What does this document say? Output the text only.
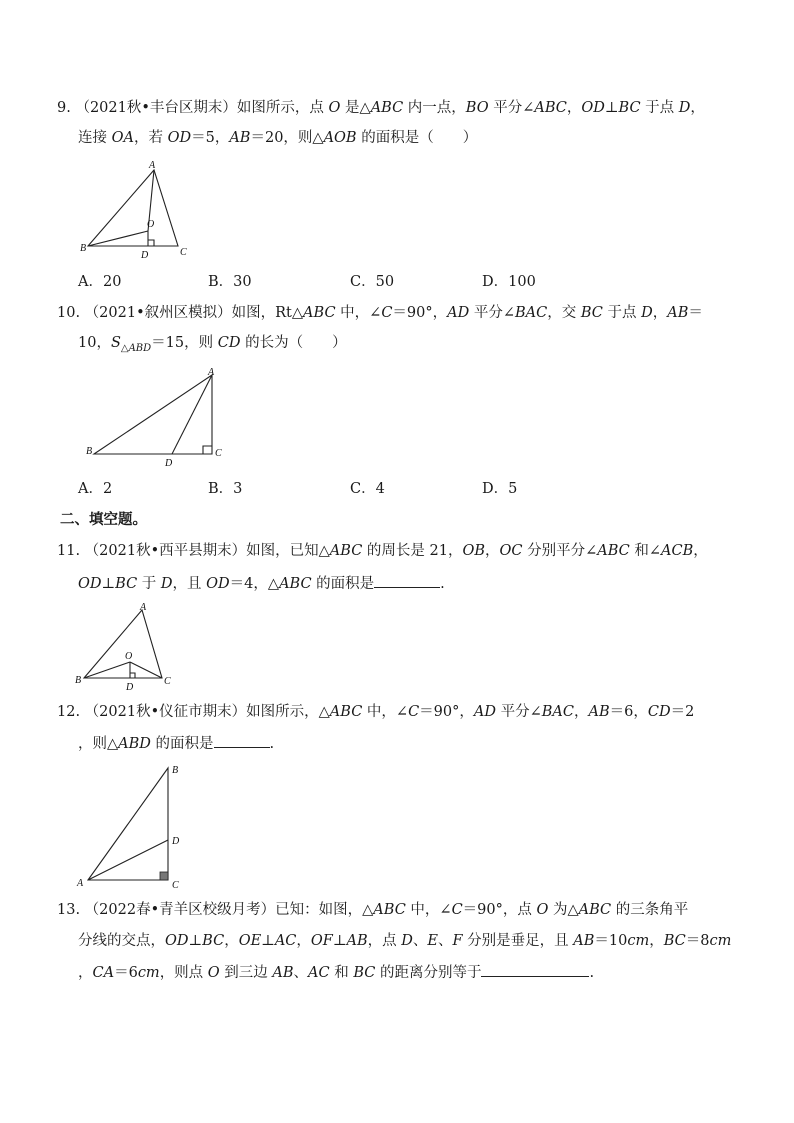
9. （2021秋•丰台区期末）如图所示，点 O 是△ABC 内一点，BO 平分∠ABC，OD⊥BC 于点 D，
连接 OA，若 OD＝5，AB＝20，则△AOB 的面积是（　　）
A
B	C
D
O
A．20	B．30	C．50	D．100
10. （2021•叙州区模拟）如图，Rt△ABC 中，∠C＝90°，AD 平分∠BAC，交 BC 于点 D，AB＝
10，$S_{\triangle ABD}=15$，则 CD 的长为（　　）
A
B	C
D
A．2	B．3	C．4	D．5
二、填空题。
11. （2021秋•西平县期末）如图，已知△ABC 的周长是 21，OB，OC 分别平分∠ABC 和∠ACB，
OD⊥BC 于 D，且 OD＝4，△ABC 的面积是	.
A
B	C
D
O
12. （2021秋•仪征市期末）如图所示，△ABC 中，∠C＝90°，AD 平分∠BAC，AB＝6，CD＝2
，则△ABD 的面积是	.
A
B
C
D
13. （2022春•青羊区校级月考）已知：如图，△ABC 中，∠C＝90°，点 O 为△ABC 的三条角平
分线的交点，OD⊥BC，OE⊥AC，OF⊥AB，点 D、E、F 分别是垂足，且 AB＝10cm，BC＝8cm
，CA＝6cm，则点 O 到三边 AB、AC 和 BC 的距离分别等于	.
